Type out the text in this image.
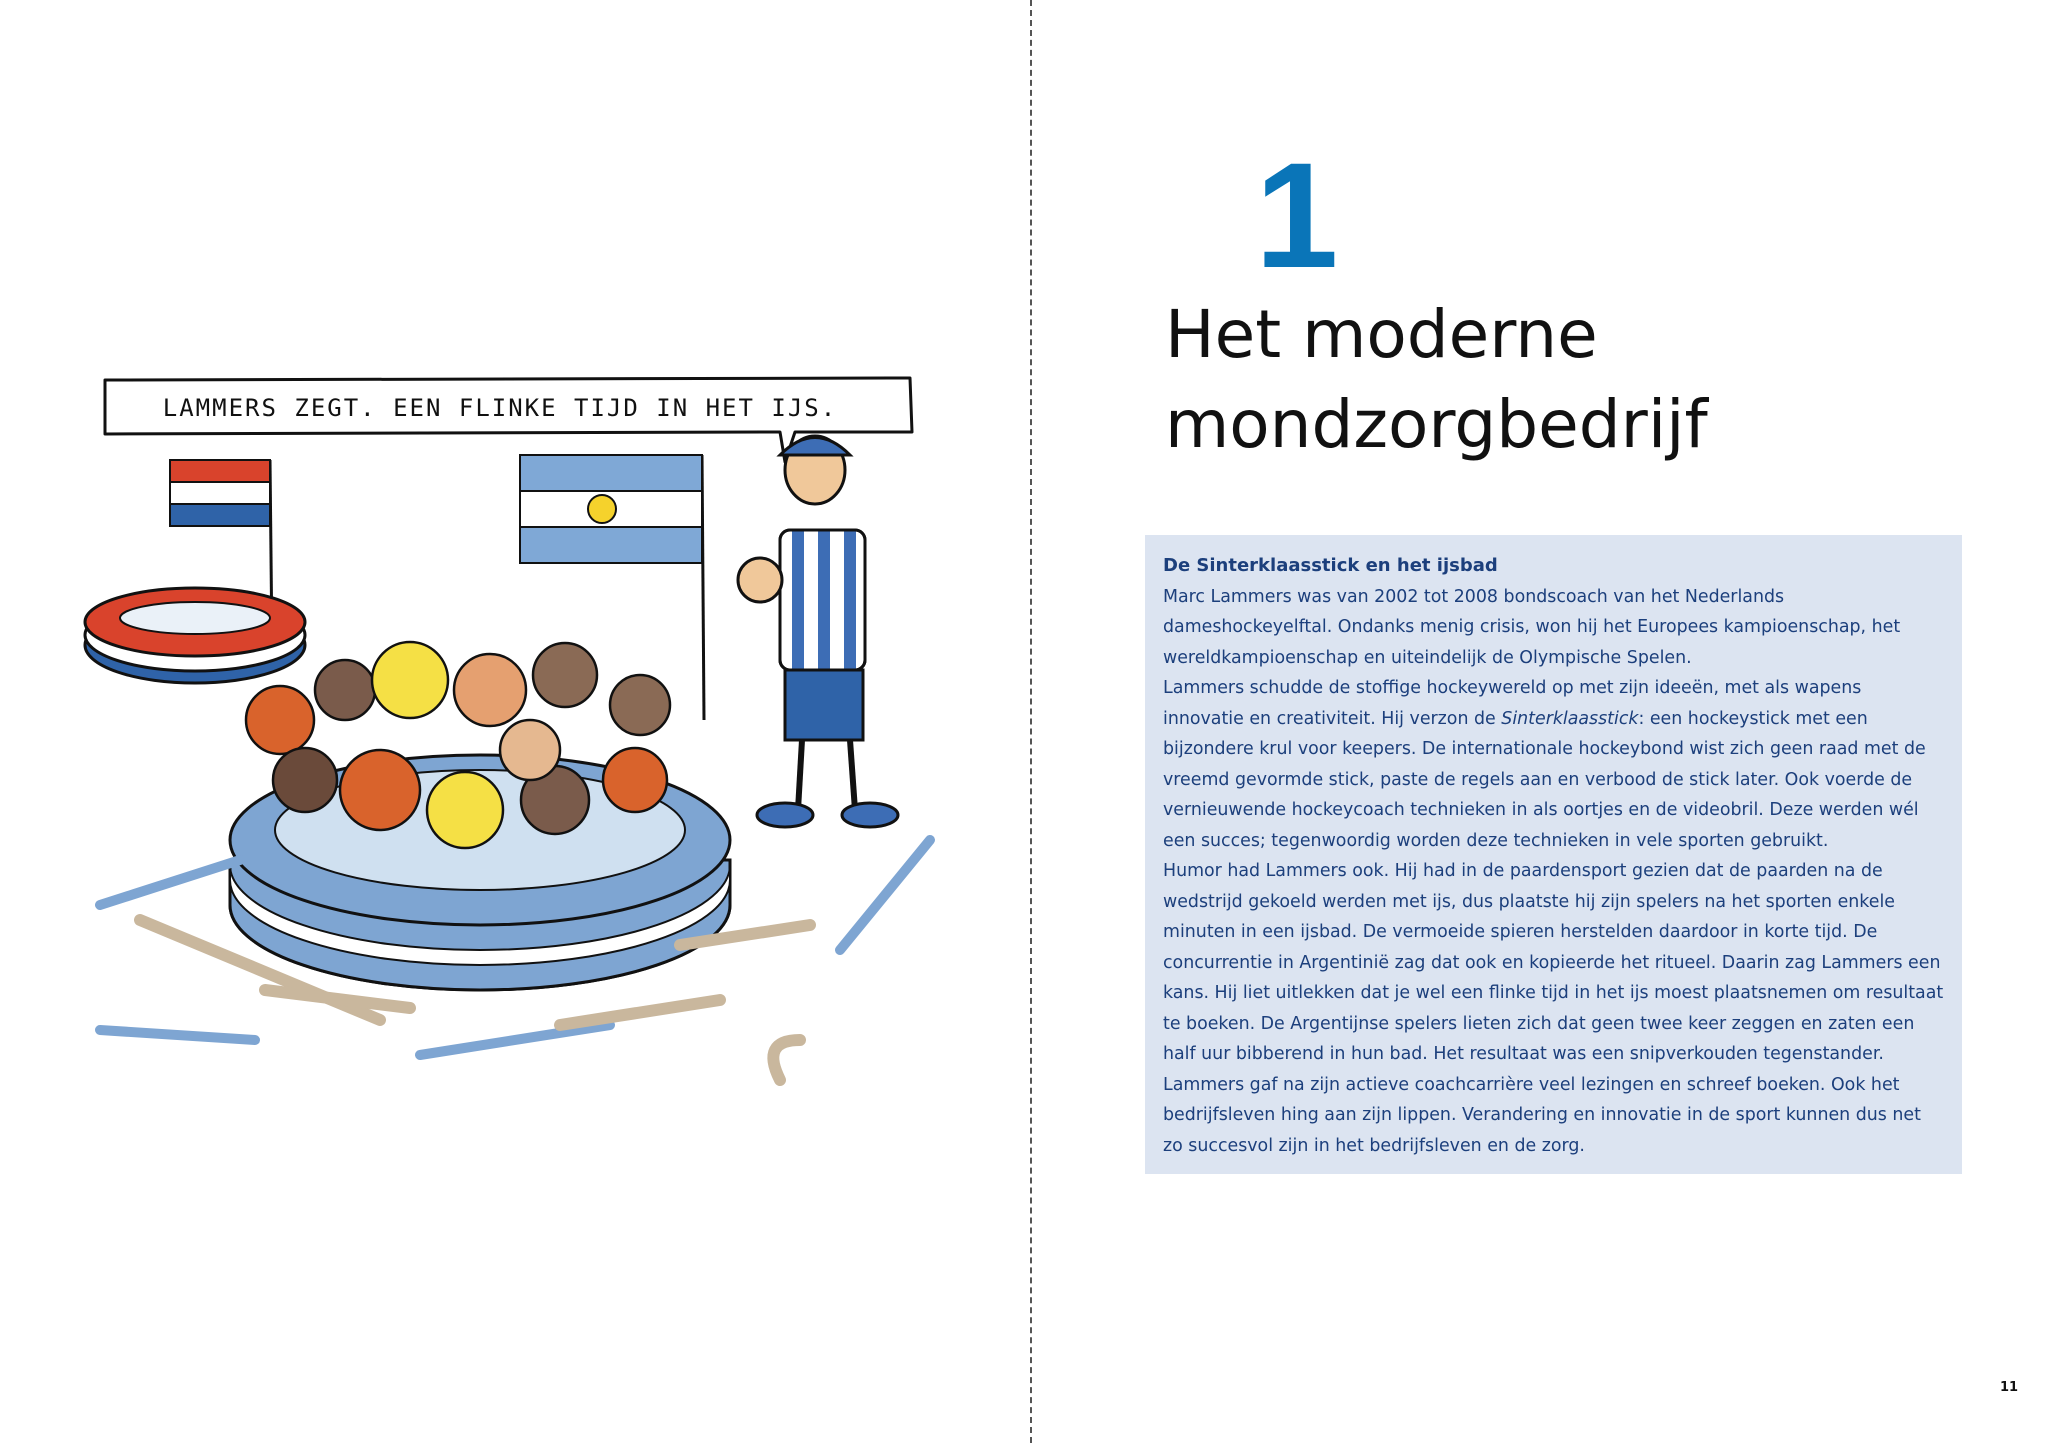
LAMMERS ZEGT. EEN FLINKE TIJD IN HET IJS.
1
Het moderne
mondzorgbedrijf
De Sinterklaasstick en het ijsbad

Marc Lammers was van 2002 tot 2008 bondscoach van het Nederlands dameshockeyelftal. Ondanks menig crisis, won hij het Europees kampioenschap, het wereldkampioenschap en uiteindelijk de Olympische Spelen.

Lammers schudde de stoffige hockeywereld op met zijn ideeën, met als wapens innovatie en creativiteit. Hij verzon de Sinterklaasstick: een hockeystick met een bijzondere krul voor keepers. De internationale hockeybond wist zich geen raad met de vreemd gevormde stick, paste de regels aan en verbood de stick later. Ook voerde de vernieuwende hockeycoach technieken in als oortjes en de videobril. Deze werden wél een succes; tegenwoordig worden deze technieken in vele sporten gebruikt.

Humor had Lammers ook. Hij had in de paardensport gezien dat de paarden na de wedstrijd gekoeld werden met ijs, dus plaatste hij zijn spelers na het sporten enkele minuten in een ijsbad. De vermoeide spieren herstelden daardoor in korte tijd. De concurrentie in Argentinië zag dat ook en kopieerde het ritueel. Daarin zag Lammers een kans. Hij liet uitlekken dat je wel een flinke tijd in het ijs moest plaatsnemen om resultaat te boeken. De Argentijnse spelers lieten zich dat geen twee keer zeggen en zaten een half uur bibberend in hun bad. Het resultaat was een snipverkouden tegenstander.

Lammers gaf na zijn actieve coachcarrière veel lezingen en schreef boeken. Ook het bedrijfsleven hing aan zijn lippen. Verandering en innovatie in de sport kunnen dus net zo succesvol zijn in het bedrijfsleven en de zorg.

11
